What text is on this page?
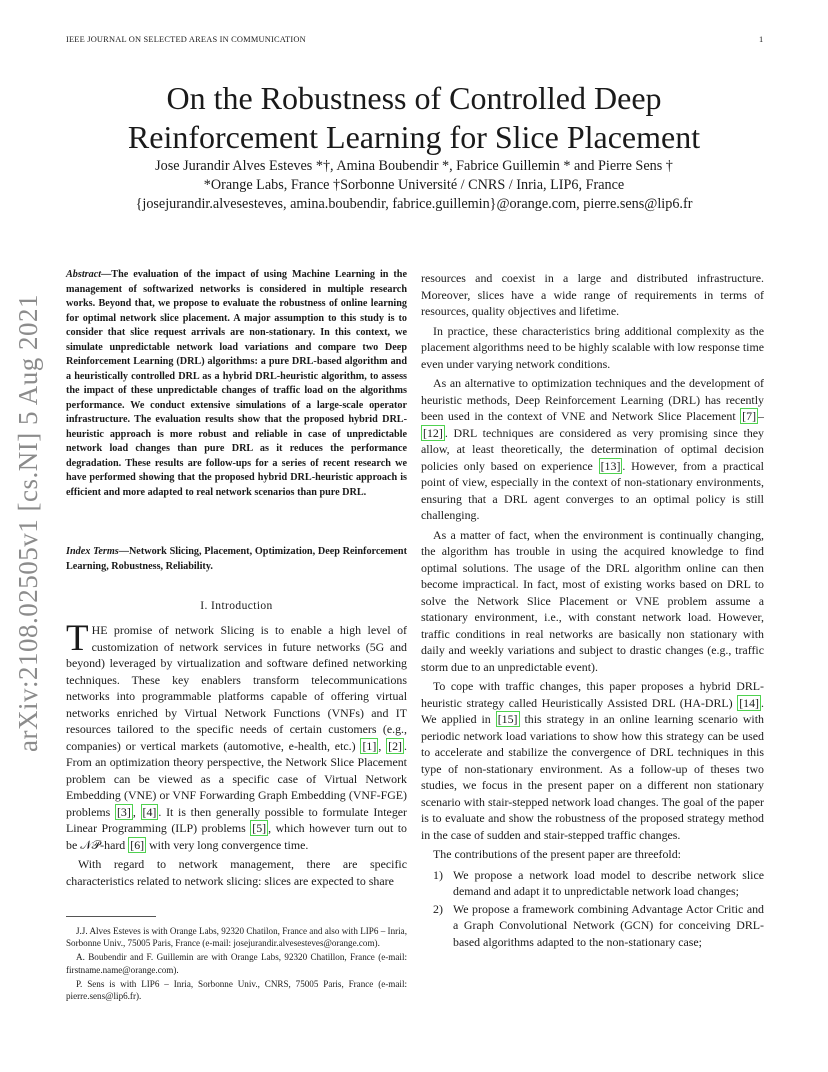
IEEE JOURNAL ON SELECTED AREAS IN COMMUNICATION	1
arXiv:2108.02505v1 [cs.NI] 5 Aug 2021
On the Robustness of Controlled Deep
Reinforcement Learning for Slice Placement
Jose Jurandir Alves Esteves *†, Amina Boubendir *, Fabrice Guillemin * and Pierre Sens †
*Orange Labs, France †Sorbonne Université / CNRS / Inria, LIP6, France
{josejurandir.alvesesteves, amina.boubendir, fabrice.guillemin}@orange.com, pierre.sens@lip6.fr
Abstract—The evaluation of the impact of using Machine Learning in the management of softwarized networks is considered in multiple research works. Beyond that, we propose to evaluate the robustness of online learning for optimal network slice placement. A major assumption to this study is to consider that slice request arrivals are non-stationary. In this context, we simulate unpredictable network load variations and compare two Deep Reinforcement Learning (DRL) algorithms: a pure DRL-based algorithm and a heuristically controlled DRL as a hybrid DRL-heuristic algorithm, to assess the impact of these unpredictable changes of traffic load on the algorithms performance. We conduct extensive simulations of a large-scale operator infrastructure. The evaluation results show that the proposed hybrid DRL-heuristic approach is more robust and reliable in case of unpredictable network load changes than pure DRL as it reduces the performance degradation. These results are follow-ups for a series of recent research we have performed showing that the proposed hybrid DRL-heuristic approach is efficient and more adapted to real network scenarios than pure DRL.
Index Terms—Network Slicing, Placement, Optimization, Deep Reinforcement Learning, Robustness, Reliability.
I. Introduction

THE promise of network Slicing is to enable a high level of customization of network services in future networks (5G and beyond) leveraged by virtualization and software defined networking techniques. These key enablers transform telecommunications networks into programmable platforms capable of offering virtual networks enriched by Virtual Network Functions (VNFs) and IT resources tailored to the specific needs of certain customers (e.g., companies) or vertical markets (automotive, e-health, etc.) [1] , [2] . From an optimization theory perspective, the Network Slice Placement problem can be viewed as a specific case of Virtual Network Embedding (VNE) or VNF Forwarding Graph Embedding (VNF-FGE) problems [3] , [4] . It is then generally possible to formulate Integer Linear Programming (ILP) problems [5] , which however turn out to be 𝒩𝒫-hard [6] with very long convergence time.

With regard to network management, there are specific characteristics related to network slicing: slices are expected to share

J.J. Alves Esteves is with Orange Labs, 92320 Chatilon, France and also with LIP6 – Inria, Sorbonne Univ., 75005 Paris, France (e-mail: josejurandir.alvesesteves@orange.com).

A. Boubendir and F. Guillemin are with Orange Labs, 92320 Chatillon, France (e-mail: firstname.name@orange.com).

P. Sens is with LIP6 – Inria, Sorbonne Univ., CNRS, 75005 Paris, France (e-mail: pierre.sens@lip6.fr).

resources and coexist in a large and distributed infrastructure. Moreover, slices have a wide range of requirements in terms of resources, quality objectives and lifetime.

In practice, these characteristics bring additional complexity as the placement algorithms need to be highly scalable with low response time even under varying network conditions.

As an alternative to optimization techniques and the development of heuristic methods, Deep Reinforcement Learning (DRL) has recently been used in the context of VNE and Network Slice Placement [7] –[12] . DRL techniques are considered as very promising since they allow, at least theoretically, the determination of optimal decision policies only based on experience [13] . However, from a practical point of view, especially in the context of non-stationary environments, ensuring that a DRL agent converges to an optimal policy is still challenging.

As a matter of fact, when the environment is continually changing, the algorithm has trouble in using the acquired knowledge to find optimal solutions. The usage of the DRL algorithm online can then become impractical. In fact, most of existing works based on DRL to solve the Network Slice Placement or VNE problem assume a stationary environment, i.e., with constant network load. However, traffic conditions in real networks are basically non stationary with daily and weekly variations and subject to drastic changes (e.g., traffic storm due to an unpredictable event).

To cope with traffic changes, this paper proposes a hybrid DRL-heuristic strategy called Heuristically Assisted DRL (HA-DRL) [14] . We applied in [15] this strategy in an online learning scenario with periodic network load variations to show how this strategy can be used to accelerate and stabilize the convergence of DRL techniques in this type of non-stationary environment. As a follow-up of theses two studies, we focus in the present paper on a different non stationary scenario with stair-stepped network load changes. The goal of the paper is to evaluate and show the robustness of the proposed strategy method in the case of sudden and stair-stepped traffic changes.

The contributions of the present paper are threefold:

1) We propose a network load model to describe network slice demand and adapt it to unpredictable network load changes;
2) We propose a framework combining Advantage Actor Critic and a Graph Convolutional Network (GCN) for conceiving DRL-based algorithms adapted to the non-stationary case;
